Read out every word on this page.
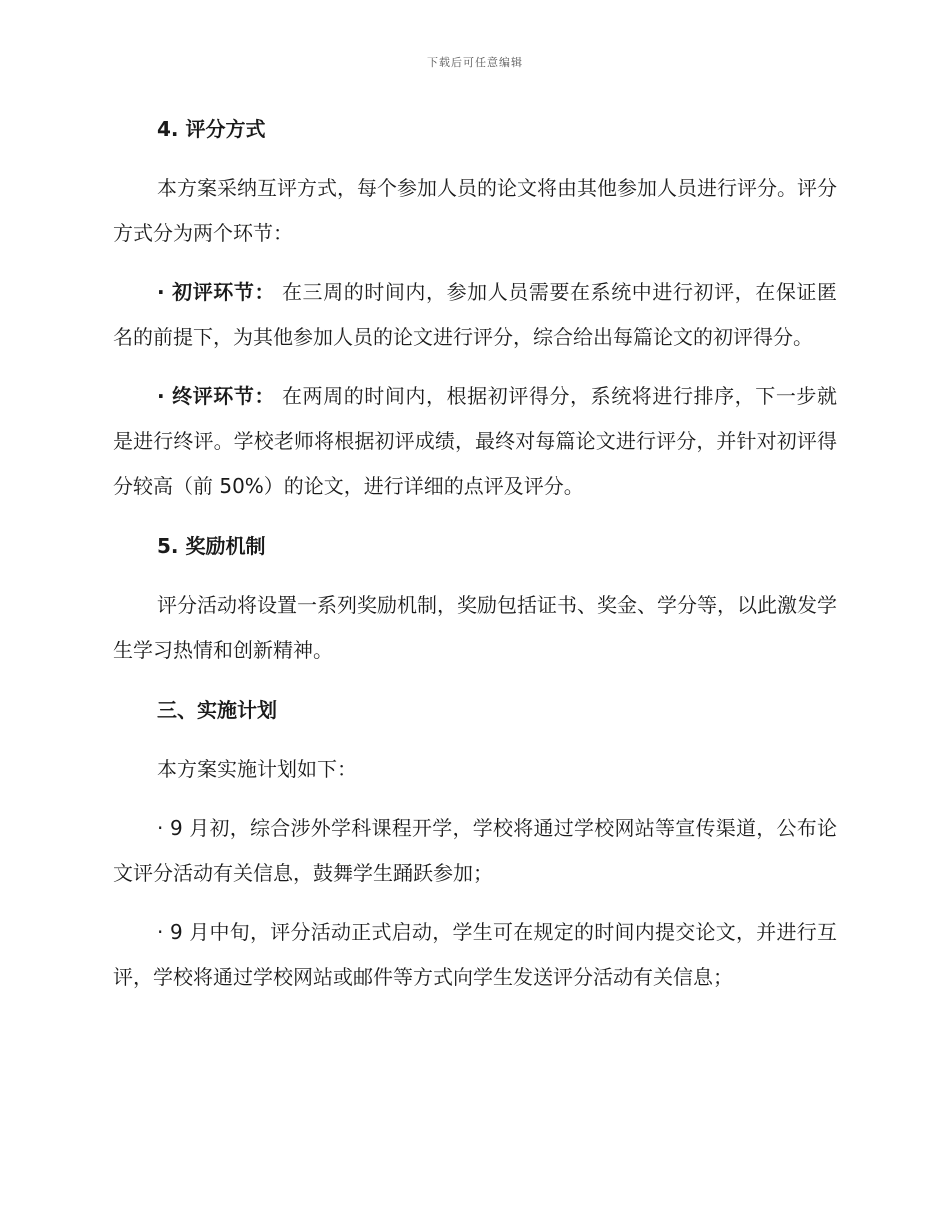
下载后可任意编辑

4. 评分方式

本方案采纳互评方式，每个参加人员的论文将由其他参加人员进行评分。评分方式分为两个环节：

· 初评环节： 在三周的时间内，参加人员需要在系统中进行初评，在保证匿名的前提下，为其他参加人员的论文进行评分，综合给出每篇论文的初评得分。

· 终评环节： 在两周的时间内，根据初评得分，系统将进行排序，下一步就是进行终评。学校老师将根据初评成绩，最终对每篇论文进行评分，并针对初评得分较高（前 50%）的论文，进行详细的点评及评分。

5. 奖励机制

评分活动将设置一系列奖励机制，奖励包括证书、奖金、学分等，以此激发学生学习热情和创新精神。

三、实施计划

本方案实施计划如下：

· 9 月初，综合涉外学科课程开学，学校将通过学校网站等宣传渠道，公布论文评分活动有关信息，鼓舞学生踊跃参加；

· 9 月中旬，评分活动正式启动，学生可在规定的时间内提交论文，并进行互评，学校将通过学校网站或邮件等方式向学生发送评分活动有关信息；
